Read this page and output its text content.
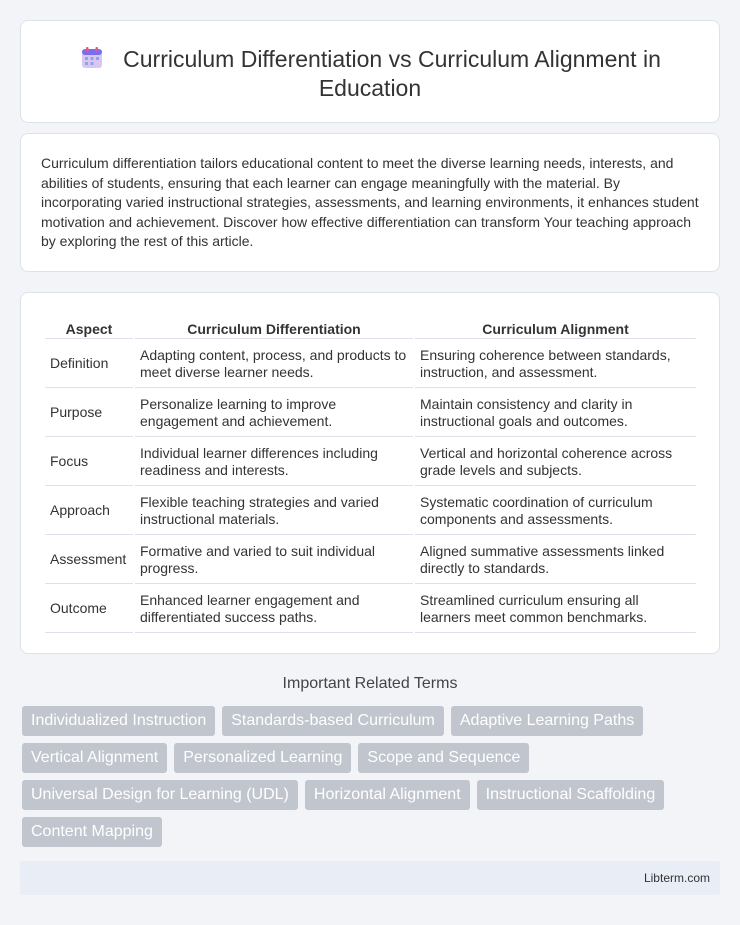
Curriculum Differentiation vs Curriculum Alignment in Education

Curriculum differentiation tailors educational content to meet the diverse learning needs, interests, and abilities of students, ensuring that each learner can engage meaningfully with the material. By incorporating varied instructional strategies, assessments, and learning environments, it enhances student motivation and achievement. Discover how effective differentiation can transform Your teaching approach by exploring the rest of this article.

Aspect	Curriculum Differentiation	Curriculum Alignment
Definition	Adapting content, process, and products to meet diverse learner needs.	Ensuring coherence between standards, instruction, and assessment.
Purpose	Personalize learning to improve engagement and achievement.	Maintain consistency and clarity in instructional goals and outcomes.
Focus	Individual learner differences including readiness and interests.	Vertical and horizontal coherence across grade levels and subjects.
Approach	Flexible teaching strategies and varied instructional materials.	Systematic coordination of curriculum components and assessments.
Assessment	Formative and varied to suit individual progress.	Aligned summative assessments linked directly to standards.
Outcome	Enhanced learner engagement and differentiated success paths.	Streamlined curriculum ensuring all learners meet common benchmarks.
Important Related Terms
Individualized Instruction	Standards-based Curriculum	Adaptive Learning Paths
Vertical Alignment	Personalized Learning	Scope and Sequence
Universal Design for Learning (UDL)	Horizontal Alignment	Instructional Scaffolding
Content Mapping
Libterm.com
